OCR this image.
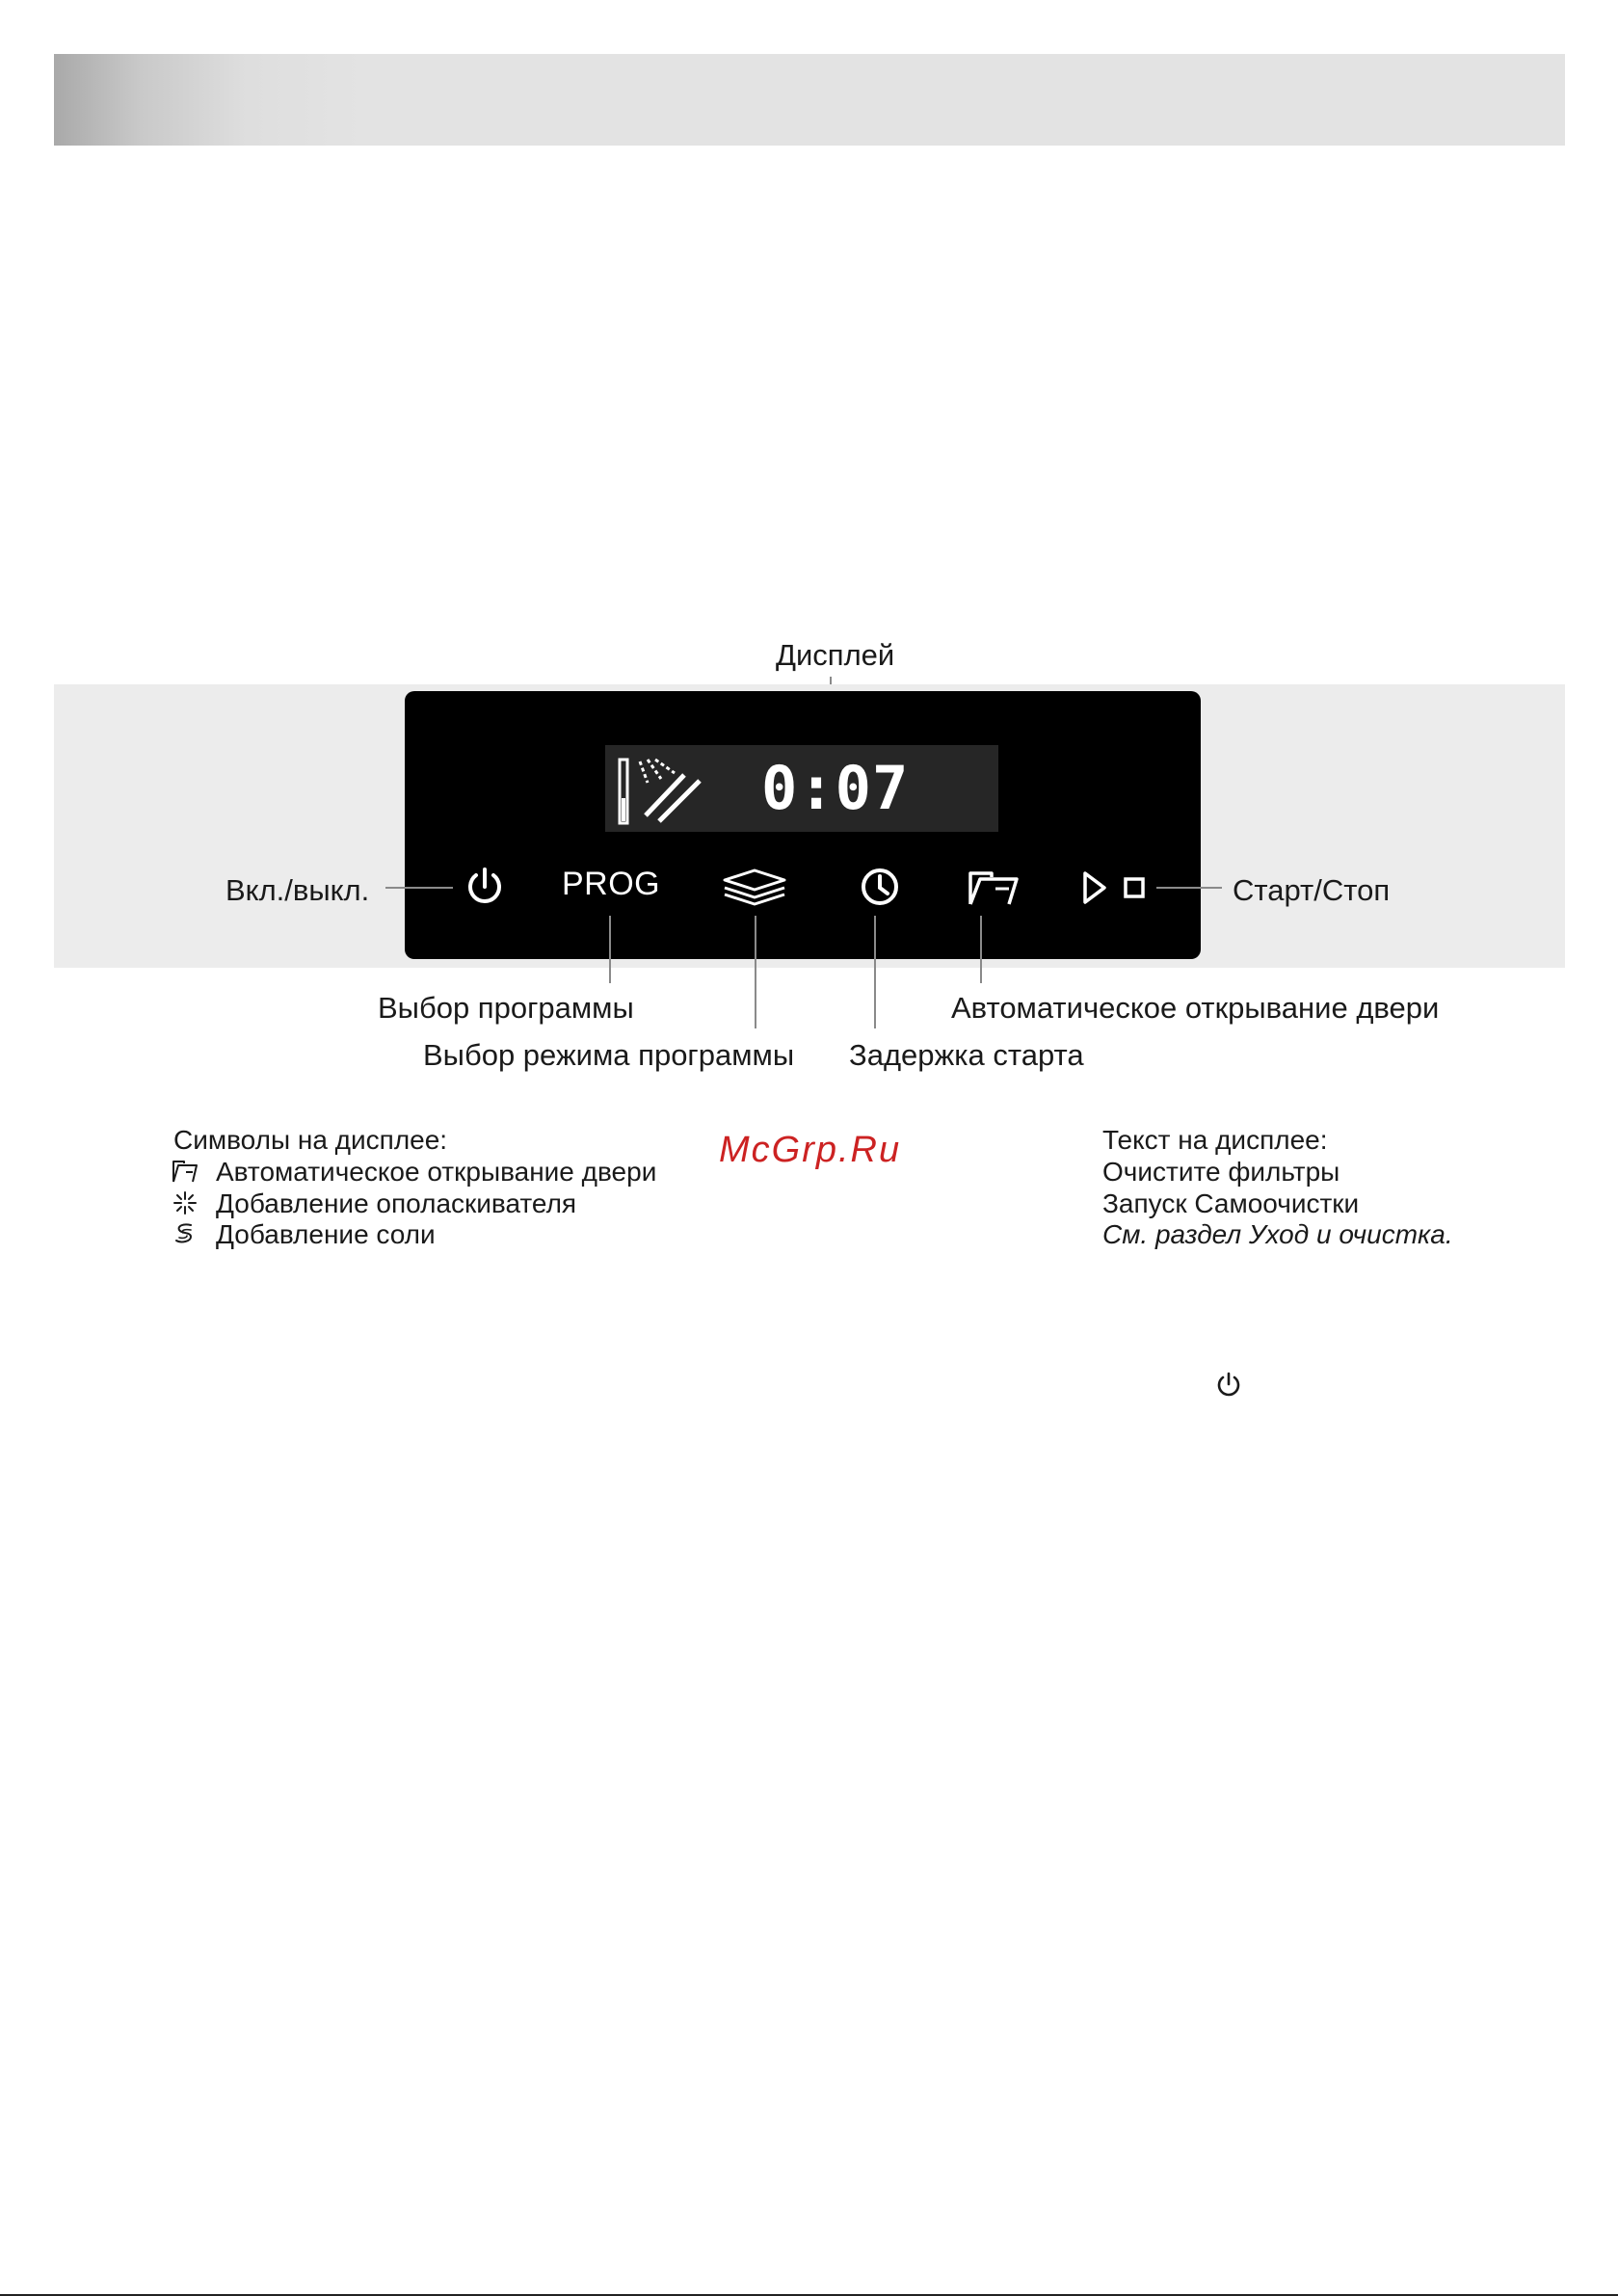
Дисплей
0:07
PROG
Вкл./выкл.	Старт/Стоп
Выбор программы	Автоматическое открывание двери
Выбор режима программы Задержка старта
Символы на дисплее:
Автоматическое открывание двери
Добавление ополаскивателя
Добавление соли
McGrp.Ru	Текст на дисплее:
Очистите фильтры
Запуск Самоочистки
См. раздел Уход и очистка.
